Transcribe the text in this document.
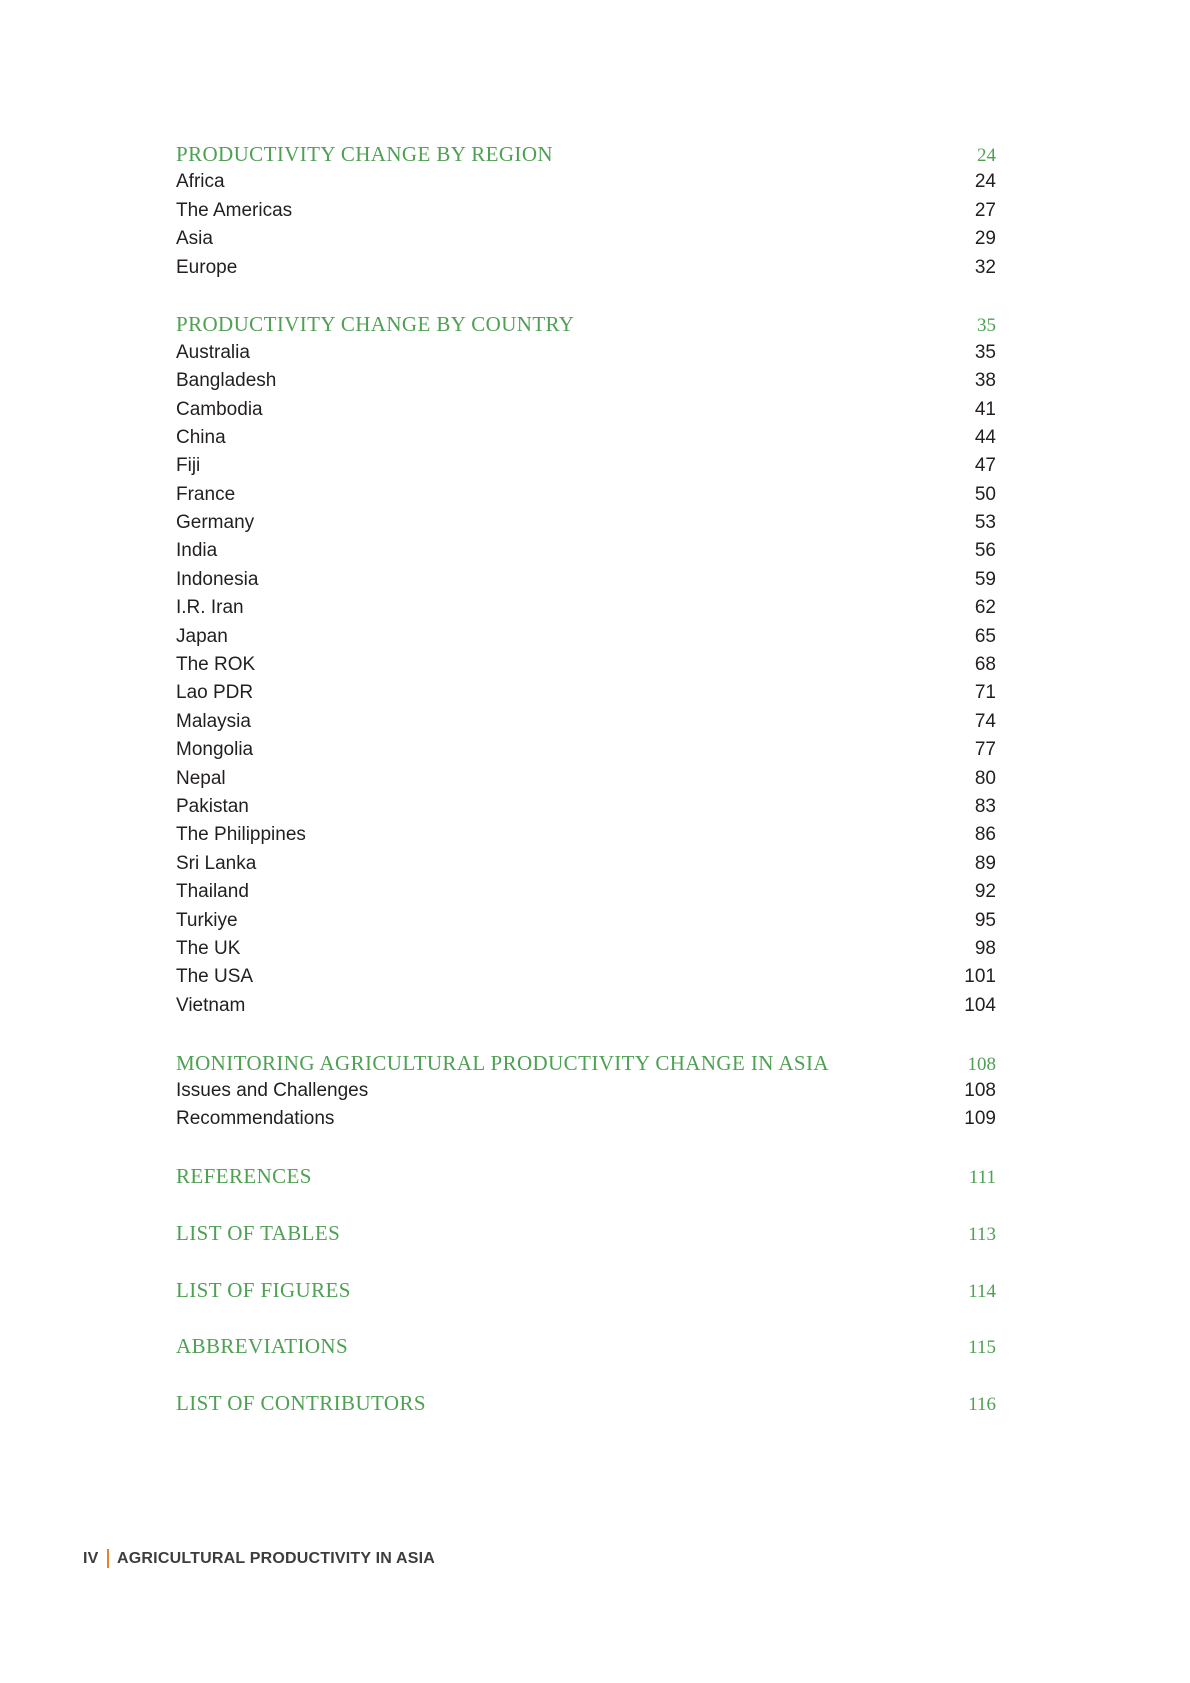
PRODUCTIVITY CHANGE BY REGION	24
Africa	24
The Americas	27
Asia	29
Europe	32
PRODUCTIVITY CHANGE BY COUNTRY	35
Australia	35
Bangladesh	38
Cambodia	41
China	44
Fiji	47
France	50
Germany	53
India	56
Indonesia	59
I.R. Iran	62
Japan	65
The ROK	68
Lao PDR	71
Malaysia	74
Mongolia	77
Nepal	80
Pakistan	83
The Philippines	86
Sri Lanka	89
Thailand	92
Turkiye	95
The UK	98
The USA	101
Vietnam	104
MONITORING AGRICULTURAL PRODUCTIVITY CHANGE IN ASIA	108
Issues and Challenges	108
Recommendations	109
REFERENCES	111
LIST OF TABLES	113
LIST OF FIGURES	114
ABBREVIATIONS	115
LIST OF CONTRIBUTORS	116
IV AGRICULTURAL PRODUCTIVITY IN ASIA
